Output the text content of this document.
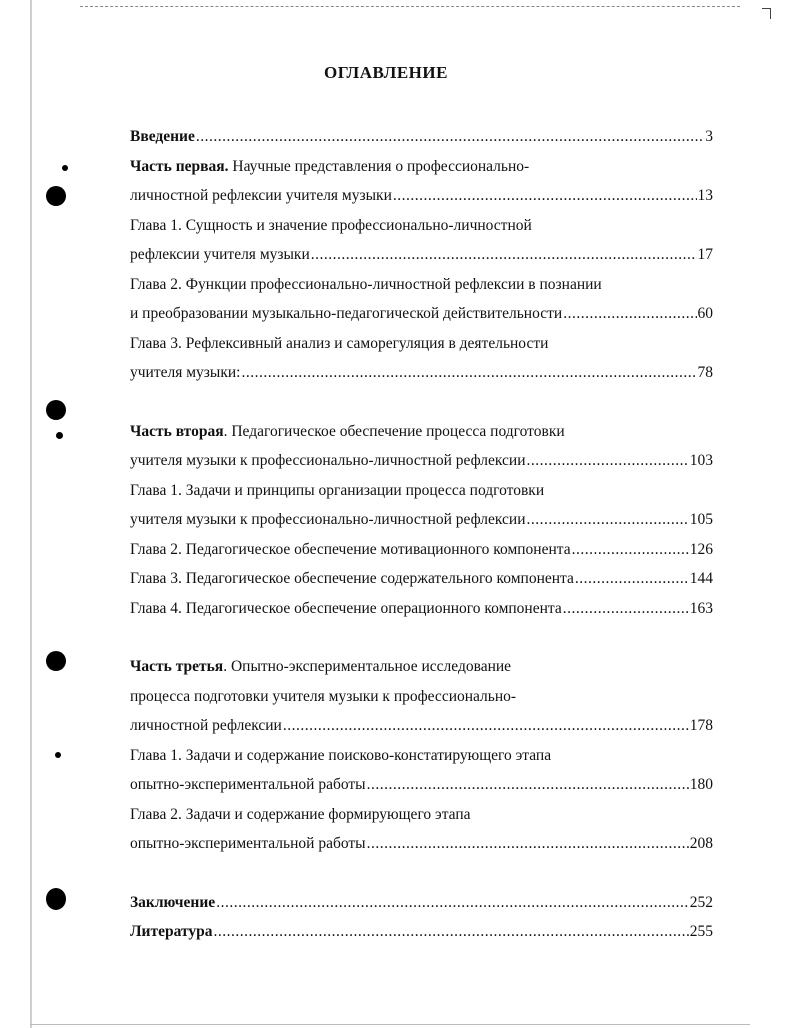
ОГЛАВЛЕНИЕ
Введение .....	3
Часть первая. Научные представления о профессионально-
личностной рефлексии учителя музыки .....	13
Глава 1. Сущность и значение профессионально-личностной
рефлексии учителя музыки .....	17
Глава 2. Функции профессионально-личностной рефлексии в познании
и преобразовании музыкально-педагогической действительности .....	60
Глава 3. Рефлексивный анализ и саморегуляция в деятельности
учителя музыки: .....	78
Часть вторая. Педагогическое обеспечение процесса подготовки
учителя музыки к профессионально-личностной рефлексии .....	103
Глава 1. Задачи и принципы организации процесса подготовки
учителя музыки к профессионально-личностной рефлексии .....	105
Глава 2. Педагогическое обеспечение мотивационного компонента .....	126
Глава 3. Педагогическое обеспечение содержательного компонента .....	144
Глава 4. Педагогическое обеспечение операционного компонента .....	163
Часть третья. Опытно-экспериментальное исследование
процесса подготовки учителя музыки к профессионально-
личностной рефлексии .....	178
Глава 1. Задачи и содержание поисково-констатирующего этапа
опытно-экспериментальной работы .....	180
Глава 2. Задачи и содержание формирующего этапа
опытно-экспериментальной работы .....	208
Заключение .....	252
Литература .....	255
